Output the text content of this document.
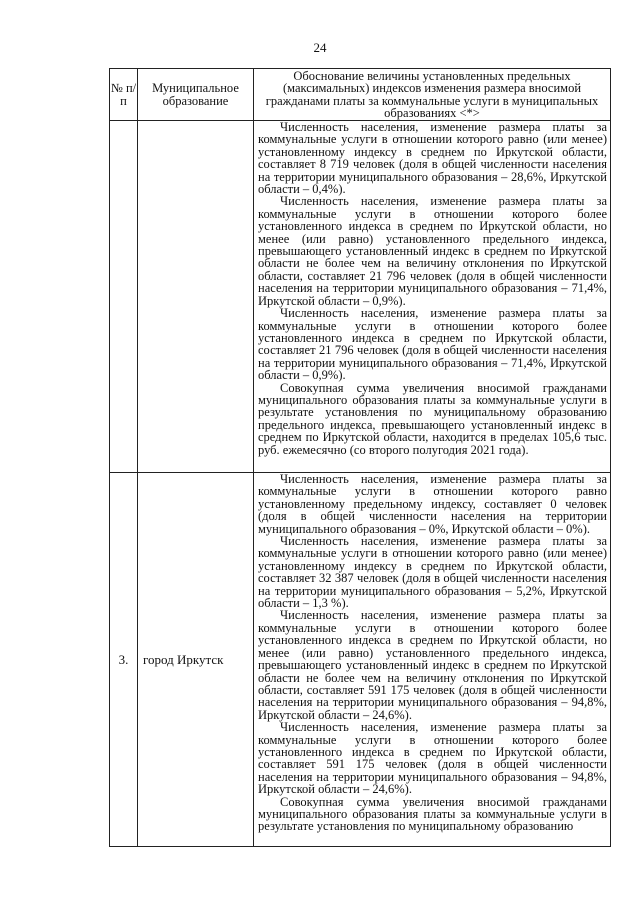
24
№ п/п	Муниципальное образование	Обоснование величины установленных предельных (максимальных) индексов изменения размера вносимой гражданами платы за коммунальные услуги в муниципальных образованиях <*>

		Численность населения, изменение размера платы за коммунальные услуги в отношении которого равно (или менее) установленному индексу в среднем по Иркутской области, составляет 8 719 человек (доля в общей численности населения на территории муниципального образования – 28,6%, Иркутской области – 0,4%).

Численность населения, изменение размера платы за коммунальные услуги в отношении которого более установленного индекса в среднем по Иркутской области, но менее (или равно) установленного предельного индекса, превышающего установленный индекс в среднем по Иркутской области не более чем на величину отклонения по Иркутской области, составляет 21 796 человек (доля в общей численности населения на территории муниципального образования – 71,4%, Иркутской области – 0,9%).

Численность населения, изменение размера платы за коммунальные услуги в отношении которого более установленного индекса в среднем по Иркутской области, составляет 21 796 человек (доля в общей численности населения на территории муниципального образования – 71,4%, Иркутской области – 0,9%).

Совокупная сумма увеличения вносимой гражданами муниципального образования платы за коммунальные услуги в результате установления по муниципальному образованию предельного индекса, превышающего установленный индекс в среднем по Иркутской области, находится в пределах 105,6 тыс. руб. ежемесячно (со второго полугодия 2021 года).

3.	город Иркутск	Численность населения, изменение размера платы за коммунальные услуги в отношении которого равно установленному предельному индексу, составляет 0 человек (доля в общей численности населения на территории муниципального образования – 0%, Иркутской области – 0%).

Численность населения, изменение размера платы за коммунальные услуги в отношении которого равно (или менее) установленному индексу в среднем по Иркутской области, составляет 32 387 человек (доля в общей численности населения на территории муниципального образования – 5,2%, Иркутской области – 1,3 %).

Численность населения, изменение размера платы за коммунальные услуги в отношении которого более установленного индекса в среднем по Иркутской области, но менее (или равно) установленного предельного индекса, превышающего установленный индекс в среднем по Иркутской области не более чем на величину отклонения по Иркутской области, составляет 591 175 человек (доля в общей численности населения на территории муниципального образования – 94,8%, Иркутской области – 24,6%).

Численность населения, изменение размера платы за коммунальные услуги в отношении которого более установленного индекса в среднем по Иркутской области, составляет 591 175 человек (доля в общей численности населения на территории муниципального образования – 94,8%, Иркутской области – 24,6%).

Совокупная сумма увеличения вносимой гражданами муниципального образования платы за коммунальные услуги в результате установления по муниципальному образованию
